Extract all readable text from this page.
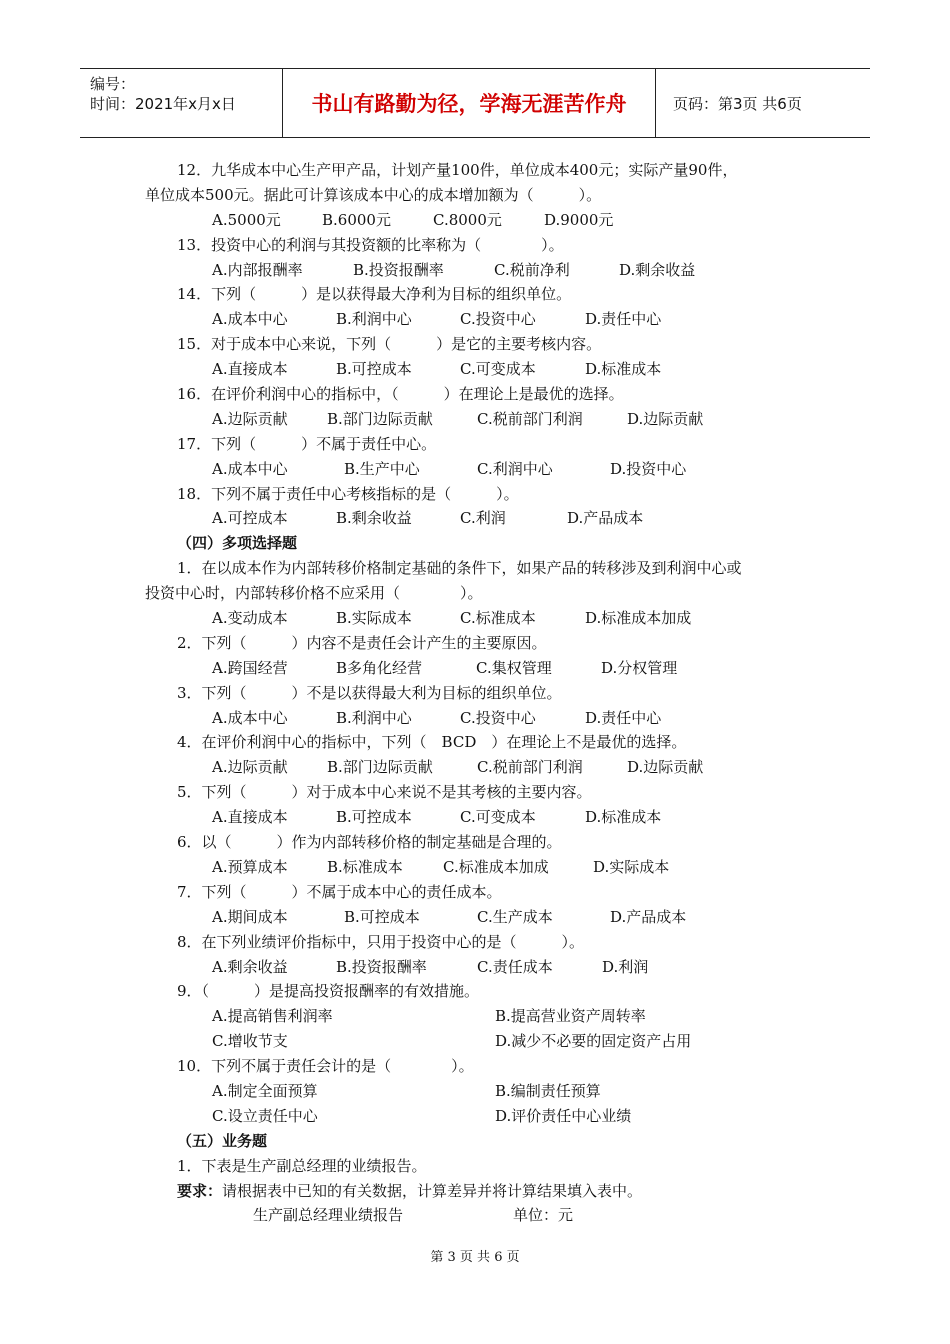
编号：
时间：2021年x月x日	书山有路勤为径，学海无涯苦作舟	页码：第3页 共6页
12．九华成本中心生产甲产品，计划产量100件，单位成本400元；实际产量90件，
单位成本500元。据此可计算该成本中心的成本增加额为（　　　）。
A.5000元	B.6000元	C.8000元	D.9000元
13．投资中心的利润与其投资额的比率称为（　　　　）。
A.内部报酬率	B.投资报酬率	C.税前净利	D.剩余收益
14．下列（　　　）是以获得最大净利为目标的组织单位。
A.成本中心	B.利润中心	C.投资中心	D.责任中心
15．对于成本中心来说，下列（　　　）是它的主要考核内容。
A.直接成本	B.可控成本	C.可变成本	D.标准成本
16．在评价利润中心的指标中，（　　　）在理论上是最优的选择。
A.边际贡献	B.部门边际贡献	C.税前部门利润	D.边际贡献
17．下列（　　　）不属于责任中心。
A.成本中心	B.生产中心	C.利润中心	D.投资中心
18．下列不属于责任中心考核指标的是（　　　）。
A.可控成本	B.剩余收益	C.利润	D.产品成本
（四）多项选择题
1．在以成本作为内部转移价格制定基础的条件下，如果产品的转移涉及到利润中心或
投资中心时，内部转移价格不应采用（　　　　）。
A.变动成本	B.实际成本	C.标准成本	D.标准成本加成
2．下列（　　　）内容不是责任会计产生的主要原因。
A.跨国经营	B多角化经营	C.集权管理	D.分权管理
3．下列（　　　）不是以获得最大利为目标的组织单位。
A.成本中心	B.利润中心	C.投资中心	D.责任中心
4．在评价利润中心的指标中，下列（　BCD　）在理论上不是最优的选择。
A.边际贡献	B.部门边际贡献	C.税前部门利润	D.边际贡献
5．下列（　　　）对于成本中心来说不是其考核的主要内容。
A.直接成本	B.可控成本	C.可变成本	D.标准成本
6．以（　　　）作为内部转移价格的制定基础是合理的。
A.预算成本	B.标准成本	C.标准成本加成	D.实际成本
7．下列（　　　）不属于成本中心的责任成本。
A.期间成本	B.可控成本	C.生产成本	D.产品成本
8．在下列业绩评价指标中，只用于投资中心的是（　　　）。
A.剩余收益	B.投资报酬率	C.责任成本	D.利润
9．（　　　）是提高投资报酬率的有效措施。
A.提高销售利润率	B.提高营业资产周转率
C.增收节支	D.减少不必要的固定资产占用
10．下列不属于责任会计的是（　　　　）。
A.制定全面预算	B.编制责任预算
C.设立责任中心	D.评价责任中心业绩
（五）业务题
1．下表是生产副总经理的业绩报告。
要求：请根据表中已知的有关数据，计算差异并将计算结果填入表中。
生产副总经理业绩报告	单位：元
第 3 页 共 6 页
